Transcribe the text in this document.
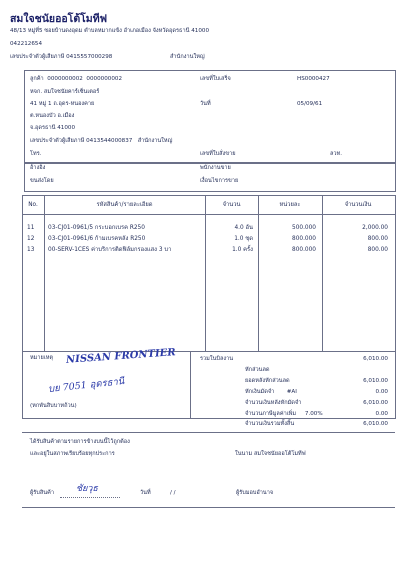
สมใจชนัยออโต้โมทีฟ
48/13 หมู่ที่5 ซอยบ้านดงอุดม ตำบลหมากแข้ง อำเภอเมือง จังหวัดอุดรธานี 41000
042212654
เลขประจำตัวผู้เสียภาษี 0415557000298	สำนักงานใหญ่
ลูกค้า 0000000002 0000000002
หจก. สมใจชนัยคาร์เซ็นเตอร์
41 หมู่ 1 ถ.อุดร-หนองคาย
ต.หนองบัว อ.เมือง
จ.อุดรธานี 41000
เลขประจำตัวผู้เสียภาษี 0413544000837 สำนักงานใหญ่
โทร.
เลขที่ใบเสร็จ	HS0000427
วันที่	05/09/61
เลขที่ใบสั่งขาย	ลวท.
อ้างอิง
ขนส่งโดย
พนักงานขาย
เงื่อนไขการขาย
No.	รหัสสินค้า/รายละเอียด	จำนวน	หน่วยละ	จำนวนเงิน
11 03-CJ01-0961/5 กระบอกเบรค R250	4.0 อัน	500.000	2,000.00
12 03-CJ01-0961/6 ก้ามเบรคหลัง R250	1.0 ชุด	800.000	800.00
13 00-SERV-1CES ค่าบริการติดฟิล์มกรองแสง 3 บา	1.0 ครั้ง	800.000	800.00
หมายเหตุ NISSAN FRONTIER
บย 7051 อุดรธานี
(หกพันสิบบาทถ้วน)
รวมในบิลงาน	6,010.00
หักส่วนลด
ยอดหลังหักส่วนลด	6,010.00
หักเงินมัดจำ #AI	0.00
จำนวนเงินหลังหักมัดจำ	6,010.00
จำนวนภาษีมูลค่าเพิ่ม 7.00%	0.00
จำนวนเงินรวมทั้งสิ้น	6,010.00
ได้รับสินค้าตามรายการข้างบนนี้ไว้ถูกต้อง
และอยู่ในสภาพเรียบร้อยทุกประการ	ในนาม สมใจชนัยออโต้โมทีฟ
ผู้รับสินค้า ชัยวุธ	วันที่	/ /	ผู้รับมอบอำนาจ
